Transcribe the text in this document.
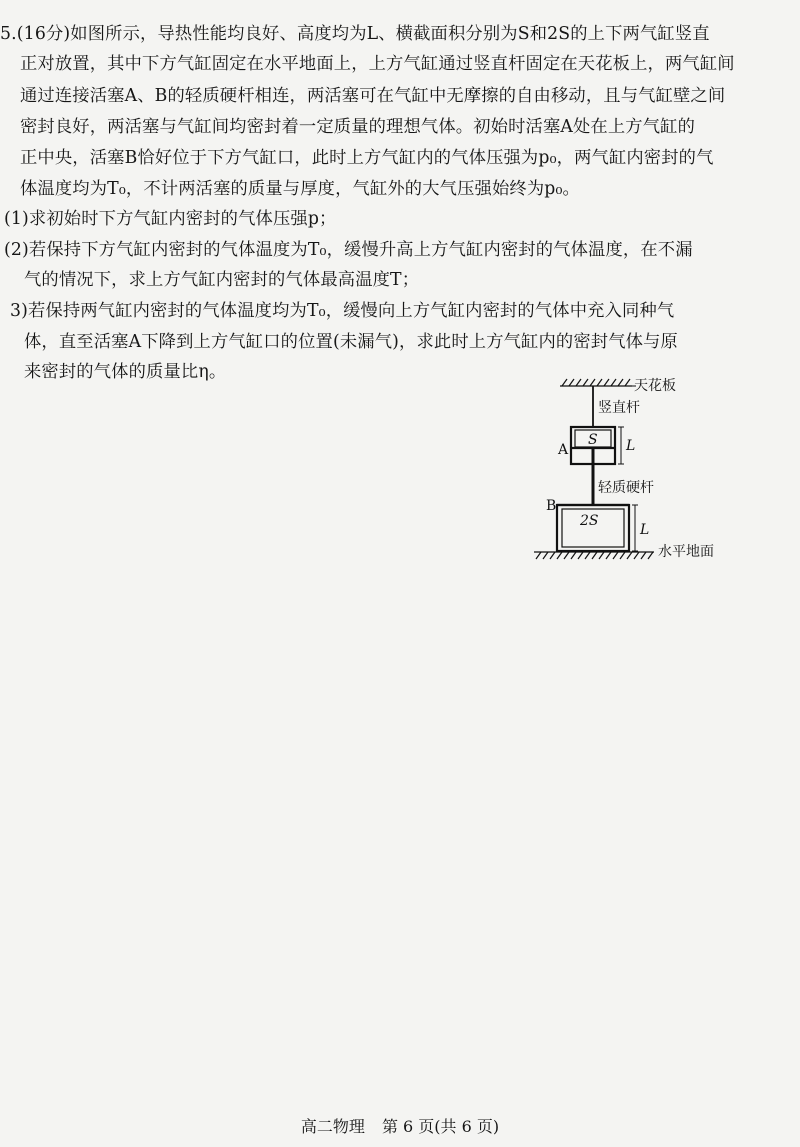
5.(16分)如图所示，导热性能均良好、高度均为L、横截面积分别为S和2S的上下两气缸竖直
正对放置，其中下方气缸固定在水平地面上，上方气缸通过竖直杆固定在天花板上，两气缸间
通过连接活塞A、B的轻质硬杆相连，两活塞可在气缸中无摩擦的自由移动，且与气缸壁之间
密封良好，两活塞与气缸间均密封着一定质量的理想气体。初始时活塞A处在上方气缸的
正中央，活塞B恰好位于下方气缸口，此时上方气缸内的气体压强为p₀，两气缸内密封的气
体温度均为T₀，不计两活塞的质量与厚度，气缸外的大气压强始终为p₀。
(1)求初始时下方气缸内密封的气体压强p；
(2)若保持下方气缸内密封的气体温度为T₀，缓慢升高上方气缸内密封的气体温度，在不漏
气的情况下，求上方气缸内密封的气体最高温度T；
3)若保持两气缸内密封的气体温度均为T₀，缓慢向上方气缸内密封的气体中充入同种气
体，直至活塞A下降到上方气缸口的位置(未漏气)，求此时上方气缸内的密封气体与原
来密封的气体的质量比η。
天花板
竖直杆
S
A	L
轻质硬杆
B
2S
L
水平地面
高二物理 第 6 页(共 6 页)
